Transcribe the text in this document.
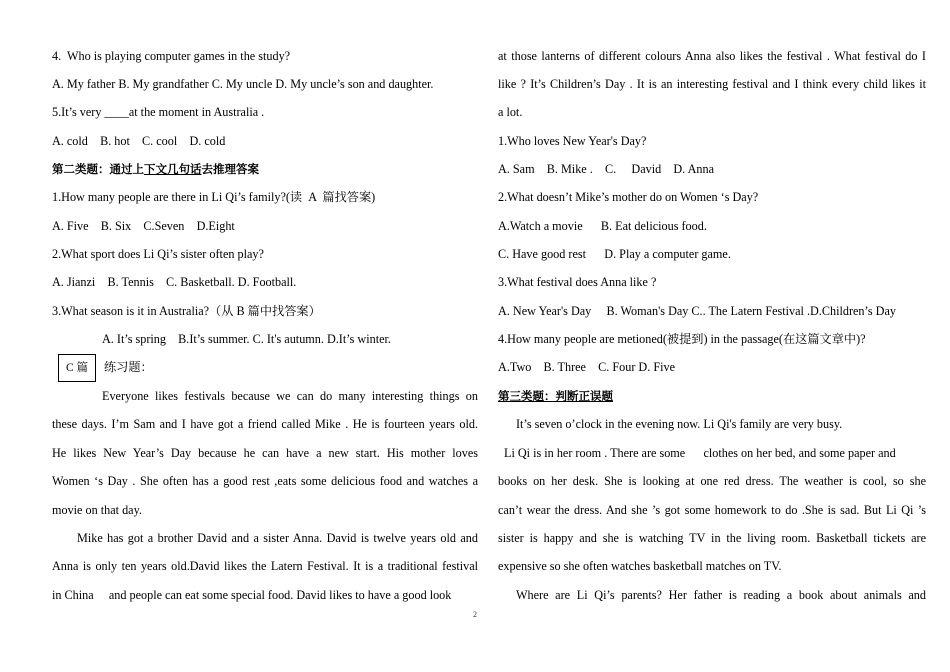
4.  Who is playing computer games in the study?
A. My father B. My grandfather C. My uncle D. My uncle’s son and daughter.
5.It’s very ____at the moment in Australia .
A. cold    B. hot    C. cool    D. cold
第二类题：通过上下文几句话去推理答案
1.How many people are there in Li Qi’s family?(读  A  篇找答案)
A. Five    B. Six    C.Seven    D.Eight
2.What sport does Li Qi’s sister often play?
A. Jianzi    B. Tennis    C. Basketball. D. Football.
3.What season is it in Australia?（从 B 篇中找答案）
A. It’s spring    B.It’s summer. C. It's autumn. D.It’s winter.
C 篇	练习题：
Everyone likes festivals because we can do many interesting things on
these days. I’m Sam and I have got a friend called Mike . He is fourteen years old.
He likes New Year’s Day because he can have a new start. His mother loves
Women ‘s Day . She often has a good rest ,eats some delicious food and watches a
movie on that day.
Mike has got a brother David and a sister Anna. David is twelve years old and
Anna is only ten years old.David likes the Latern Festival. It is a traditional festival
in China     and people can eat some special food. David likes to have a good look
at those lanterns of different colours Anna also likes the festival . What festival do I
like ? It’s Children’s Day . It is an interesting festival and I think every child likes it
a lot.
1.Who loves New Year's Day?
A. Sam    B. Mike .    C.     David    D. Anna
2.What doesn’t Mike’s mother do on Women ‘s Day?
A.Watch a movie      B. Eat delicious food.
C. Have good rest      D. Play a computer game.
3.What festival does Anna like ?
A. New Year's Day     B. Woman's Day C.. The Latern Festival .D.Children’s Day
4.How many people are metioned(被提到) in the passage(在这篇文章中)?
A.Two    B. Three    C. Four D. Five
第三类题：判断正误题
It’s seven o’clock in the evening now. Li Qi's family are very busy.
Li Qi is in her room . There are some      clothes on her bed, and some paper and
books on her desk. She is looking at one red dress. The weather is cool, so she
can’t wear the dress. And she ’s got some homework to do .She is sad. But Li Qi ’s
sister is happy and she is watching TV in the living room. Basketball tickets are
expensive so she often watches basketball matches on TV.
Where are Li Qi’s parents? Her father is reading a book about animals and
2
